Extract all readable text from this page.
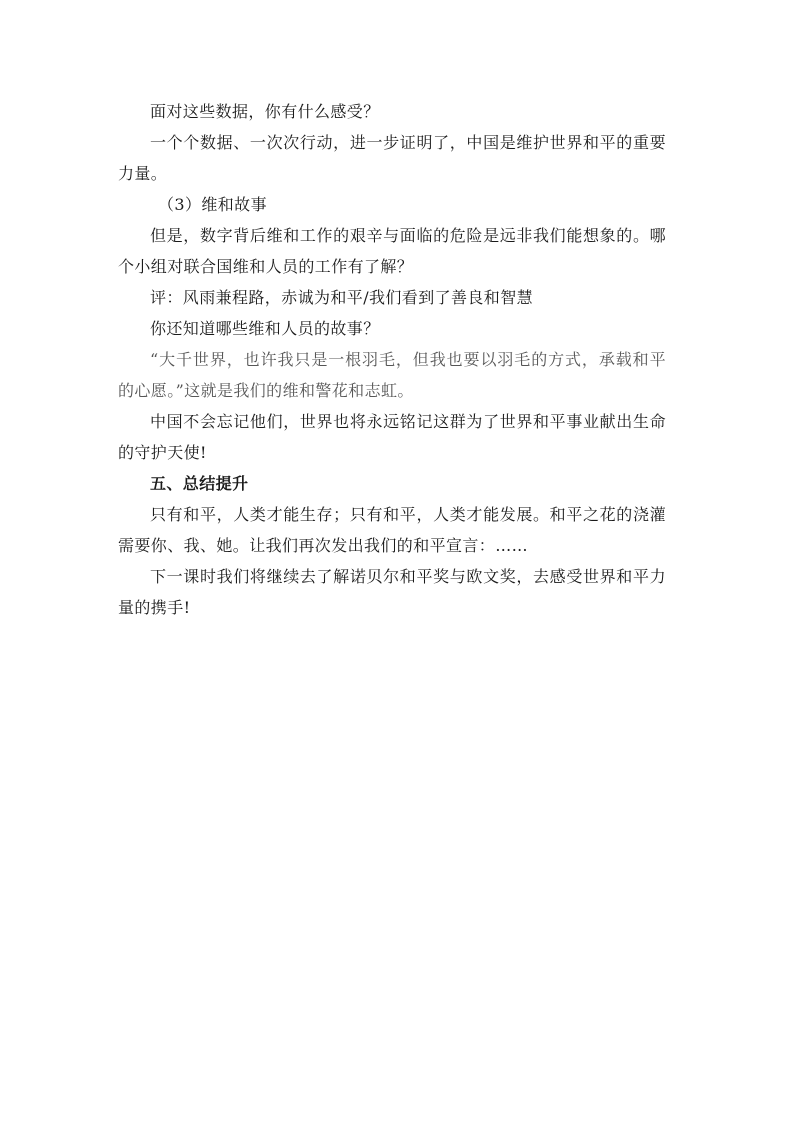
面对这些数据，你有什么感受？

一个个数据、一次次行动，进一步证明了，中国是维护世界和平的重要力量。

（3）维和故事

但是，数字背后维和工作的艰辛与面临的危险是远非我们能想象的。哪个小组对联合国维和人员的工作有了解？

评：风雨兼程路，赤诚为和平/我们看到了善良和智慧

你还知道哪些维和人员的故事？

“大千世界，也许我只是一根羽毛，但我也要以羽毛的方式，承载和平的心愿。”这就是我们的维和警花和志虹。

中国不会忘记他们，世界也将永远铭记这群为了世界和平事业献出生命的守护天使!

五、总结提升

只有和平，人类才能生存；只有和平，人类才能发展。和平之花的浇灌需要你、我、她。让我们再次发出我们的和平宣言：……

下一课时我们将继续去了解诺贝尔和平奖与欧文奖，去感受世界和平力量的携手!
